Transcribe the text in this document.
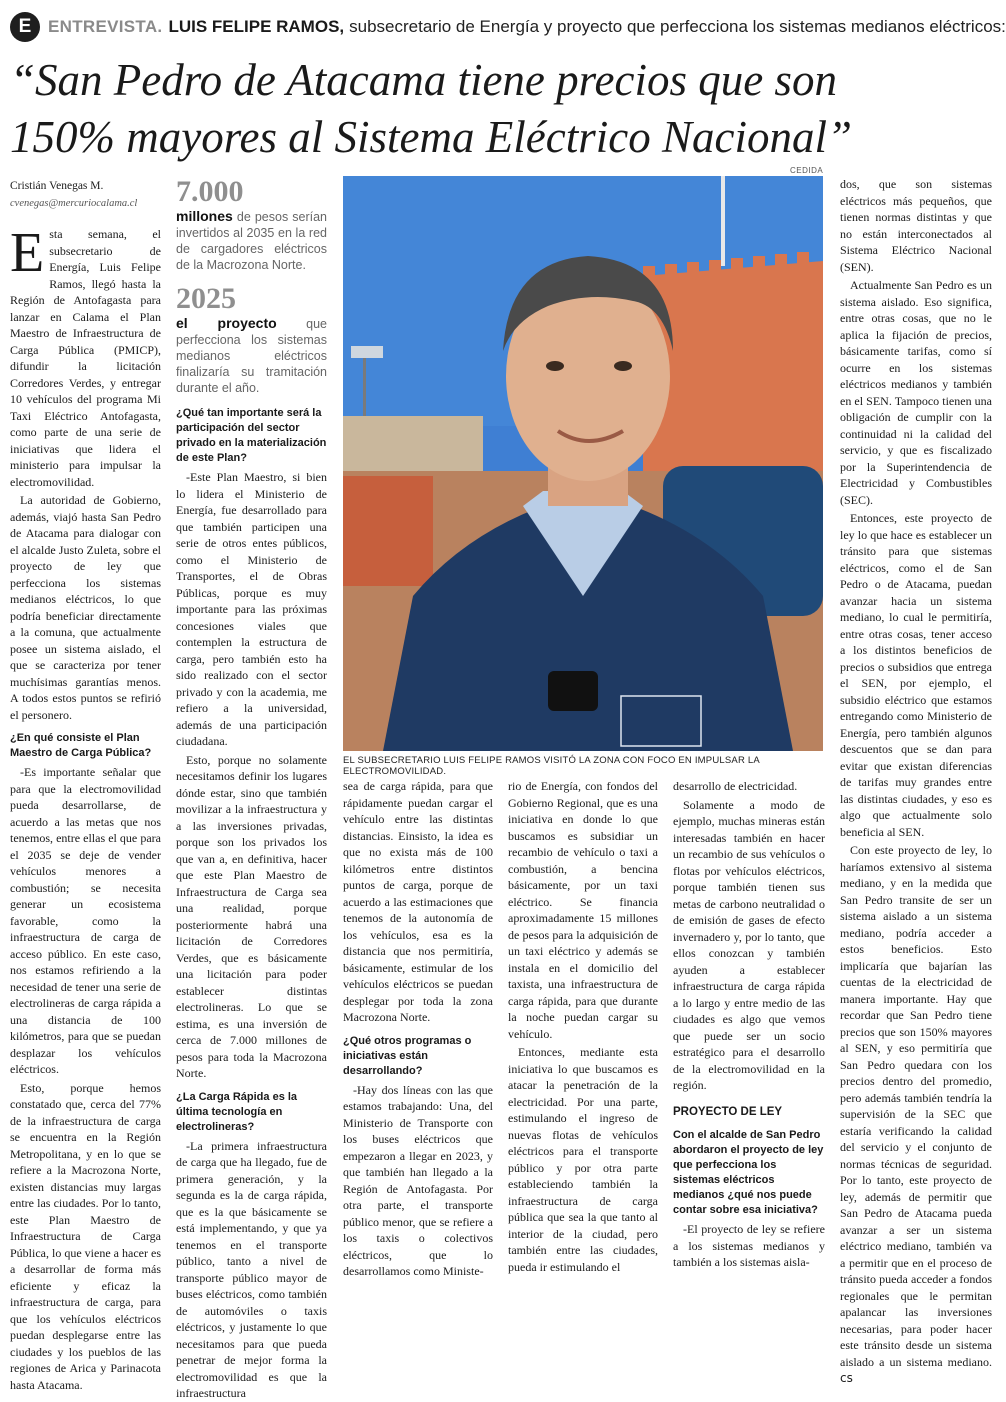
E ENTREVISTA. LUIS FELIPE RAMOS, subsecretario de Energía y proyecto que perfecciona los sistemas medianos eléctricos:
“San Pedro de Atacama tiene precios que son
150% mayores al Sistema Eléctrico Nacional”
Cristián Venegas M.
cvenegas@mercuriocalama.cl

Esta semana, el subsecretario de Energía, Luis Felipe Ramos, llegó hasta la Región de Antofagasta para lanzar en Calama el Plan Maestro de Infraestructura de Carga Pública (PMICP), difundir la licitación Corredores Verdes, y entregar 10 vehículos del programa Mi Taxi Eléctrico Antofagasta, como parte de una serie de iniciativas que lidera el ministerio para impulsar la electromovilidad.

La autoridad de Gobierno, además, viajó hasta San Pedro de Atacama para dialogar con el alcalde Justo Zuleta, sobre el proyecto de ley que perfecciona los sistemas medianos eléctricos, lo que podría beneficiar directamente a la comuna, que actualmente posee un sistema aislado, el que se caracteriza por tener muchísimas garantías menos. A todos estos puntos se refirió el personero.

¿En qué consiste el Plan Maestro de Carga Pública?

-Es importante señalar que para que la electromovilidad pueda desarrollarse, de acuerdo a las metas que nos tenemos, entre ellas el que para el 2035 se deje de vender vehículos menores a combustión; se necesita generar un ecosistema favorable, como la infraestructura de carga de acceso público. En este caso, nos estamos refiriendo a la necesidad de tener una serie de electrolineras de carga rápida a una distancia de 100 kilómetros, para que se puedan desplazar los vehículos eléctricos.

Esto, porque hemos constatado que, cerca del 77% de la infraestructura de carga se encuentra en la Región Metropolitana, y en lo que se refiere a la Macrozona Norte, existen distancias muy largas entre las ciudades. Por lo tanto, este Plan Maestro de Infraestructura de Carga Pública, lo que viene a hacer es a desarrollar de forma más eficiente y eficaz la infraestructura de carga, para que los vehículos eléctricos puedan desplegarse entre las ciudades y los pueblos de las regiones de Arica y Parinacota hasta Atacama.

7.000
millones de pesos serían invertidos al 2035 en la red de cargadores eléctricos de la Macrozona Norte.
2025
el proyecto que perfecciona los sistemas medianos eléctricos finalizaría su tramitación durante el año.

¿Qué tan importante será la participación del sector privado en la materialización de este Plan?

-Este Plan Maestro, si bien lo lidera el Ministerio de Energía, fue desarrollado para que también participen una serie de otros entes públicos, como el Ministerio de Transportes, el de Obras Públicas, porque es muy importante para las próximas concesiones viales que contemplen la estructura de carga, pero también esto ha sido realizado con el sector privado y con la academia, me refiero a la universidad, además de una participación ciudadana.

Esto, porque no solamente necesitamos definir los lugares dónde estar, sino que también movilizar a la infraestructura y a las inversiones privadas, porque son los privados los que van a, en definitiva, hacer que este Plan Maestro de Infraestructura de Carga sea una realidad, porque posteriormente habrá una licitación de Corredores Verdes, que es básicamente una licitación para poder establecer distintas electrolineras. Lo que se estima, es una inversión de cerca de 7.000 millones de pesos para toda la Macrozona Norte.

¿La Carga Rápida es la última tecnología en electrolineras?

-La primera infraestructura de carga que ha llegado, fue de primera generación, y la segunda es la de carga rápida, que es la que básicamente se está implementando, y que ya tenemos en el transporte público, tanto a nivel de transporte público mayor de buses eléctricos, como también de automóviles o taxis eléctricos, y justamente lo que necesitamos para que pueda penetrar de mejor forma la electromovilidad es que la infraestructura

CEDIDA
EL SUBSECRETARIO LUIS FELIPE RAMOS VISITÓ LA ZONA CON FOCO EN IMPULSAR LA ELECTROMOVILIDAD.

sea de carga rápida, para que rápidamente puedan cargar el vehículo entre las distintas distancias. Einsisto, la idea es que no exista más de 100 kilómetros entre distintos puntos de carga, porque de acuerdo a las estimaciones que tenemos de la autonomía de los vehículos, esa es la distancia que nos permitiría, básicamente, estimular de los vehículos eléctricos se puedan desplegar por toda la zona Macrozona Norte.

¿Qué otros programas o iniciativas están desarrollando?

-Hay dos líneas con las que estamos trabajando: Una, del Ministerio de Transporte con los buses eléctricos que empezaron a llegar en 2023, y que también han llegado a la Región de Antofagasta. Por otra parte, el transporte público menor, que se refiere a los taxis o colectivos eléctricos, que lo desarrollamos como Ministe-

rio de Energía, con fondos del Gobierno Regional, que es una iniciativa en donde lo que buscamos es subsidiar un recambio de vehículo o taxi a combustión, a bencina básicamente, por un taxi eléctrico. Se financia aproximadamente 15 millones de pesos para la adquisición de un taxi eléctrico y además se instala en el domicilio del taxista, una infraestructura de carga rápida, para que durante la noche puedan cargar su vehículo.

Entonces, mediante esta iniciativa lo que buscamos es atacar la penetración de la electricidad. Por una parte, estimulando el ingreso de nuevas flotas de vehículos eléctricos para el transporte público y por otra parte estableciendo también la infraestructura de carga pública que sea la que tanto al interior de la ciudad, pero también entre las ciudades, pueda ir estimulando el

desarrollo de electricidad.

Solamente a modo de ejemplo, muchas mineras están interesadas también en hacer un recambio de sus vehículos o flotas por vehículos eléctricos, porque también tienen sus metas de carbono neutralidad o de emisión de gases de efecto invernadero y, por lo tanto, que ellos conozcan y también ayuden a establecer infraestructura de carga rápida a lo largo y entre medio de las ciudades es algo que vemos que puede ser un socio estratégico para el desarrollo de la electromovilidad en la región.

PROYECTO DE LEY

Con el alcalde de San Pedro abordaron el proyecto de ley que perfecciona los sistemas eléctricos medianos ¿qué nos puede contar sobre esa iniciativa?

-El proyecto de ley se refiere a los sistemas medianos y también a los sistemas aisla-

dos, que son sistemas eléctricos más pequeños, que tienen normas distintas y que no están interconectados al Sistema Eléctrico Nacional (SEN).

Actualmente San Pedro es un sistema aislado. Eso significa, entre otras cosas, que no le aplica la fijación de precios, básicamente tarifas, como sí ocurre en los sistemas eléctricos medianos y también en el SEN. Tampoco tienen una obligación de cumplir con la continuidad ni la calidad del servicio, y que es fiscalizado por la Superintendencia de Electricidad y Combustibles (SEC).

Entonces, este proyecto de ley lo que hace es establecer un tránsito para que sistemas eléctricos, como el de San Pedro o de Atacama, puedan avanzar hacia un sistema mediano, lo cual le permitiría, entre otras cosas, tener acceso a los distintos beneficios de precios o subsidios que entrega el SEN, por ejemplo, el subsidio eléctrico que estamos entregando como Ministerio de Energía, pero también algunos descuentos que se dan para evitar que existan diferencias de tarifas muy grandes entre las distintas ciudades, y eso es algo que actualmente solo beneficia al SEN.

Con este proyecto de ley, lo haríamos extensivo al sistema mediano, y en la medida que San Pedro transite de ser un sistema aislado a un sistema mediano, podría acceder a estos beneficios. Esto implicaría que bajarían las cuentas de la electricidad de manera importante. Hay que recordar que San Pedro tiene precios que son 150% mayores al SEN, y eso permitiría que San Pedro quedara con los precios dentro del promedio, pero además también tendría la supervisión de la SEC que estaría verificando la calidad del servicio y el conjunto de normas técnicas de seguridad. Por lo tanto, este proyecto de ley, además de permitir que San Pedro de Atacama pueda avanzar a ser un sistema eléctrico mediano, también va a permitir que en el proceso de tránsito pueda acceder a fondos regionales que le permitan apalancar las inversiones necesarias, para poder hacer este tránsito desde un sistema aislado a un sistema mediano. cs
